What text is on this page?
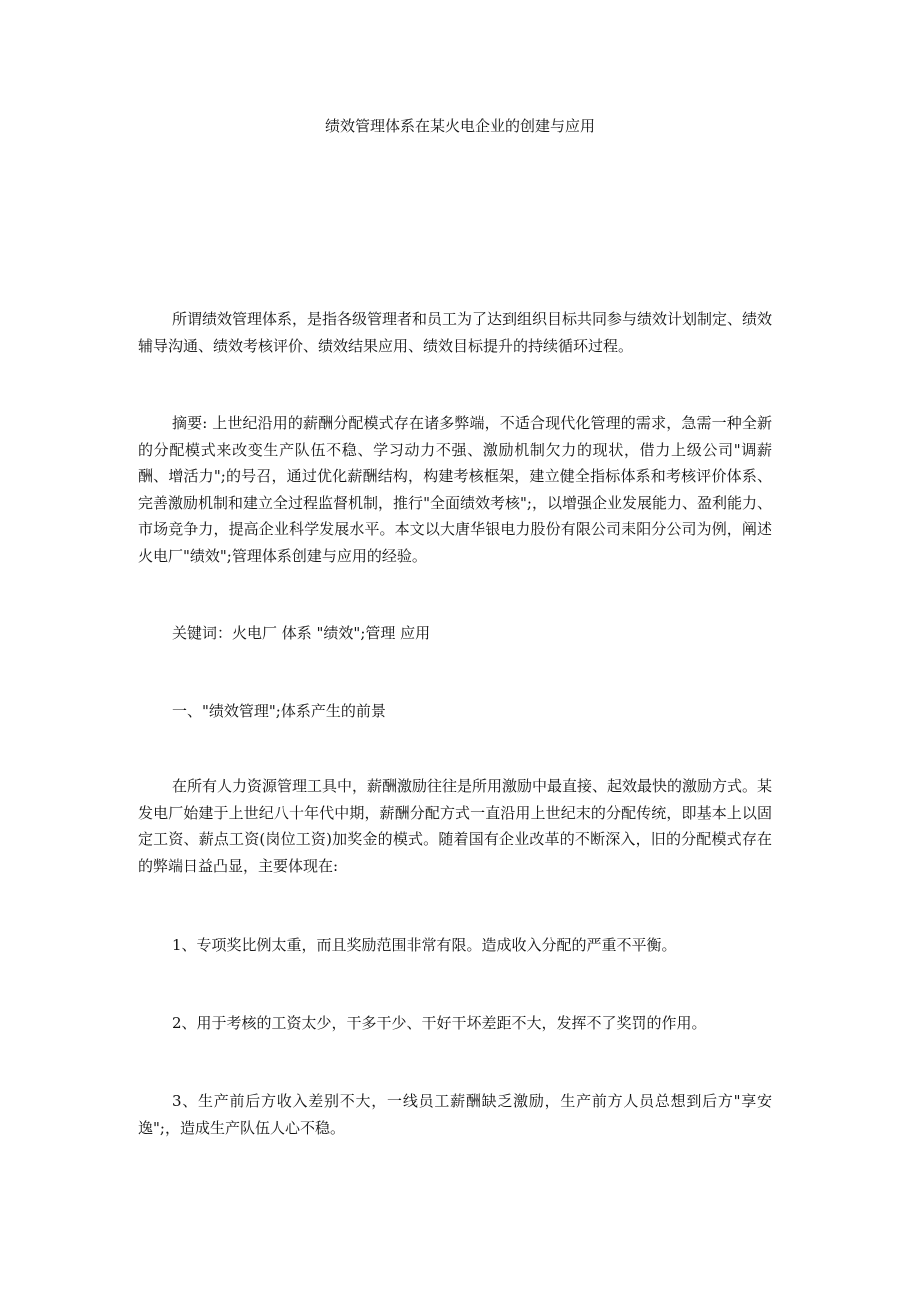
绩效管理体系在某火电企业的创建与应用

所谓绩效管理体系，是指各级管理者和员工为了达到组织目标共同参与绩效计划制定、绩效辅导沟通、绩效考核评价、绩效结果应用、绩效目标提升的持续循环过程。

摘要: 上世纪沿用的薪酬分配模式存在诸多弊端，不适合现代化管理的需求，急需一种全新的分配模式来改变生产队伍不稳、学习动力不强、激励机制欠力的现状，借力上级公司"调薪酬、增活力";的号召，通过优化薪酬结构，构建考核框架，建立健全指标体系和考核评价体系、完善激励机制和建立全过程监督机制，推行"全面绩效考核";，以增强企业发展能力、盈利能力、市场竞争力，提高企业科学发展水平。本文以大唐华银电力股份有限公司耒阳分公司为例，阐述火电厂"绩效";管理体系创建与应用的经验。

关键词：火电厂 体系 "绩效";管理 应用

一、"绩效管理";体系产生的前景

在所有人力资源管理工具中，薪酬激励往往是所用激励中最直接、起效最快的激励方式。某发电厂始建于上世纪八十年代中期，薪酬分配方式一直沿用上世纪末的分配传统，即基本上以固定工资、薪点工资(岗位工资)加奖金的模式。随着国有企业改革的不断深入，旧的分配模式存在的弊端日益凸显，主要体现在:

1、专项奖比例太重，而且奖励范围非常有限。造成收入分配的严重不平衡。

2、用于考核的工资太少，干多干少、干好干坏差距不大，发挥不了奖罚的作用。

3、生产前后方收入差别不大，一线员工薪酬缺乏激励，生产前方人员总想到后方"享安逸";，造成生产队伍人心不稳。
